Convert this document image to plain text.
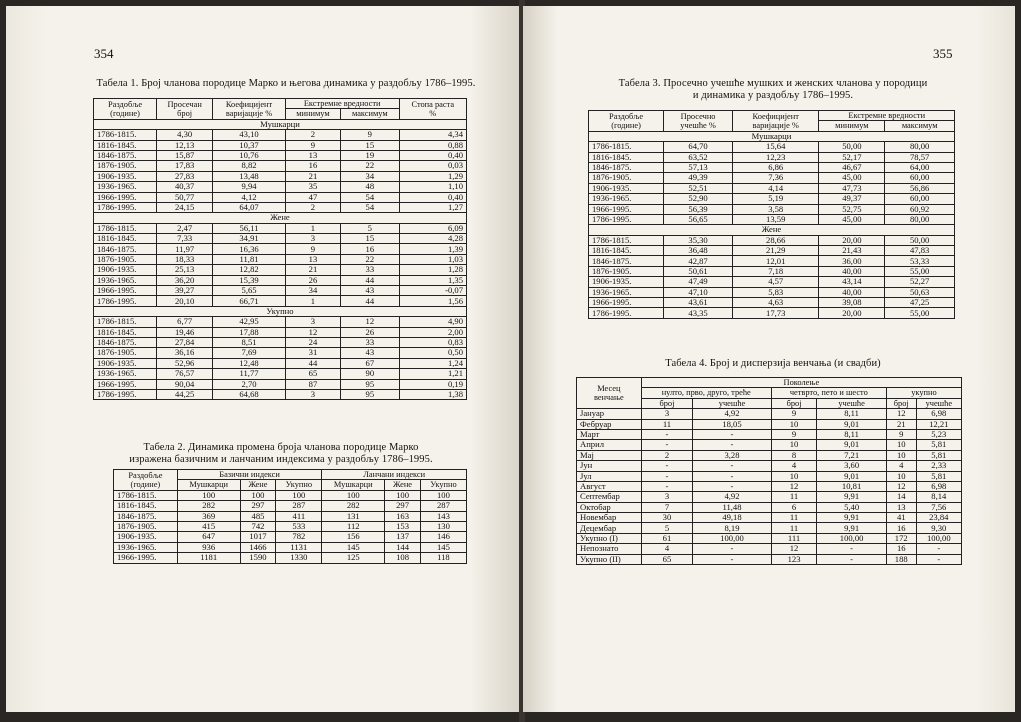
354
Табела 1. Број чланова породице Марко и његова динамика у раздобљу 1786–1995.
Раздобље
(године)	Просечан
број	Коефицијент
варијације %	Екстремне вредности		Стопа раста
%
			минимум	максимум	
Мушкарци					
1786-1815.	4,30	43,10	2	9	4,34
1816-1845.	12,13	10,37	9	15	0,88
1846-1875.	15,87	10,76	13	19	0,40
1876-1905.	17,83	8,82	16	22	0,03
1906-1935.	27,83	13,48	21	34	1,29
1936-1965.	40,37	9,94	35	48	1,10
1966-1995.	50,77	4,12	47	54	0,40
1786-1995.	24,15	64,07	2	54	1,27
Жене					
1786-1815.	2,47	56,11	1	5	6,09
1816-1845.	7,33	34,91	3	15	4,28
1846-1875.	11,97	16,36	9	16	1,39
1876-1905.	18,33	11,81	13	22	1,03
1906-1935.	25,13	12,82	21	33	1,28
1936-1965.	36,20	15,39	26	44	1,35
1966-1995.	39,27	5,65	34	43	-0,07
1786-1995.	20,10	66,71	1	44	1,56
Укупно					
1786-1815.	6,77	42,95	3	12	4,90
1816-1845.	19,46	17,88	12	26	2,00
1846-1875.	27,84	8,51	24	33	0,83
1876-1905.	36,16	7,69	31	43	0,50
1906-1935.	52,96	12,48	44	67	1,24
1936-1965.	76,57	11,77	65	90	1,21
1966-1995.	90,04	2,70	87	95	0,19
1786-1995.	44,25	64,68	3	95	1,38
Табела 2. Динамика промена броја чланова породице Марко
изражена базичним и ланчаним индексима у раздобљу 1786–1995.
Раздобље
(године)	Базични индекси			Ланчани индекси		
	Мушкарци	Жене	Укупно	Мушкарци	Жене	Укупно
1786-1815.	100	100	100	100	100	100
1816-1845.	282	297	287	282	297	287
1846-1875.	369	485	411	131	163	143
1876-1905.	415	742	533	112	153	130
1906-1935.	647	1017	782	156	137	146
1936-1965.	936	1466	1131	145	144	145
1966-1995.	1181	1590	1330	125	108	118
355
Табела 3. Просечно учешће мушких и женских чланова у породици
и динамика у раздобљу 1786–1995.
Раздобље
(године)	Просечно
учешће %	Коефицијент
варијације %	Екстремне вредности	
			минимум	максимум
Мушкарци				
1786-1815.	64,70	15,64	50,00	80,00
1816-1845.	63,52	12,23	52,17	78,57
1846-1875.	57,13	6,86	46,67	64,00
1876-1905.	49,39	7,36	45,00	60,00
1906-1935.	52,51	4,14	47,73	56,86
1936-1965.	52,90	5,19	49,37	60,00
1966-1995.	56,39	3,58	52,75	60,92
1786-1995.	56,65	13,59	45,00	80,00
Жене				
1786-1815.	35,30	28,66	20,00	50,00
1816-1845.	36,48	21,29	21,43	47,83
1846-1875.	42,87	12,01	36,00	53,33
1876-1905.	50,61	7,18	40,00	55,00
1906-1935.	47,49	4,57	43,14	52,27
1936-1965.	47,10	5,83	40,00	50,63
1966-1995.	43,61	4,63	39,08	47,25
1786-1995.	43,35	17,73	20,00	55,00
Табела 4. Број и дисперзија венчања (и свадби)
Месец
венчање	Поколење					
	нулто, прво, друго, треће		четврто, пето и шесто		укупно	
	број	учешће	број	учешће	број	учешће
Јануар	3	4,92	9	8,11	12	6,98
Фебруар	11	18,05	10	9,01	21	12,21
Март	-	-	9	8,11	9	5,23
Април	-	-	10	9,01	10	5,81
Мај	2	3,28	8	7,21	10	5,81
Јун	-	-	4	3,60	4	2,33
Јул	-	-	10	9,01	10	5,81
Август	-	-	12	10,81	12	6,98
Септембар	3	4,92	11	9,91	14	8,14
Октобар	7	11,48	6	5,40	13	7,56
Новембар	30	49,18	11	9,91	41	23,84
Децембар	5	8,19	11	9,91	16	9,30
Укупно (I)	61	100,00	111	100,00	172	100,00
Непознато	4	-	12	-	16	-
Укупно (II)	65	-	123	-	188	-
